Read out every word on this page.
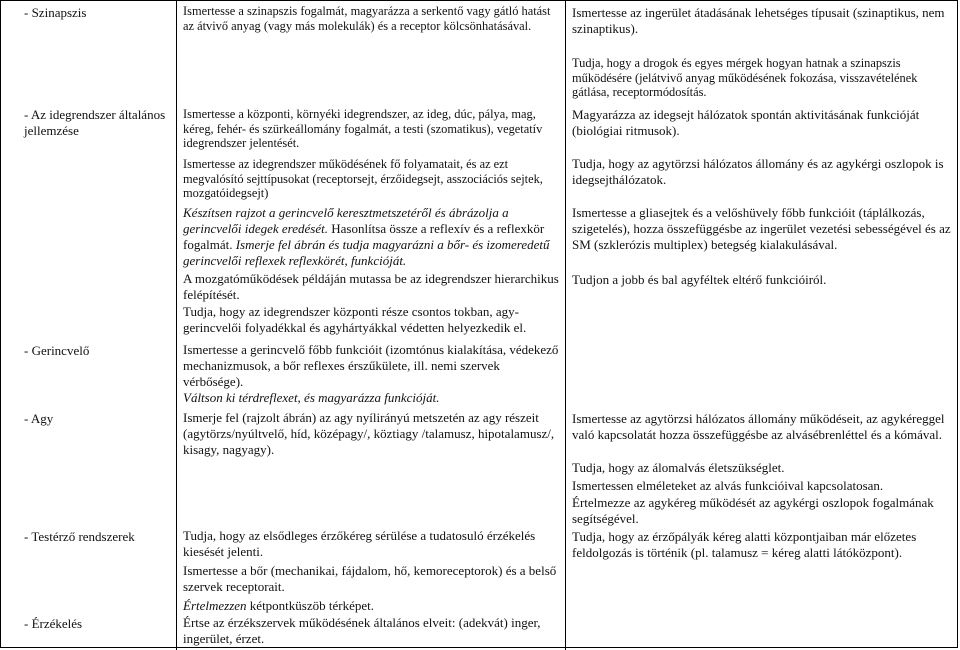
- Szinapszis

- Az idegrendszer általános jellemzése

- Gerincvelő

- Agy

- Testérző rendszerek

- Érzékelés

Ismertesse a szinapszis fogalmát, magyarázza a serkentő vagy gátló hatást az átvivő anyag (vagy más molekulák) és a receptor kölcsönhatásával.

Ismertesse a központi, környéki idegrendszer, az ideg, dúc, pálya, mag, kéreg, fehér- és szürkeállomány fogalmát, a testi (szomatikus), vegetatív idegrendszer jelentését.

Ismertesse az idegrendszer működésének fő folyamatait, és az ezt megvalósító sejttípusokat (receptorsejt, érzőidegsejt, asszociációs sejtek, mozgatóidegsejt)

Készítsen rajzot a gerincvelő keresztmetszetéről és ábrázolja a gerincvelői idegek eredését. Hasonlítsa össze a reflexív és a reflexkör fogalmát. Ismerje fel ábrán és tudja magyarázni a bőr- és izomeredetű gerincvelői reflexek reflexkörét, funkcióját.

A mozgatóműködések példáján mutassa be az idegrendszer hierarchikus felépítését.

Tudja, hogy az idegrendszer központi része csontos tokban, agy-gerincvelői folyadékkal és agyhártyákkal védetten helyezkedik el.

Ismertesse a gerincvelő főbb funkcióit (izomtónus kialakítása, védekező mechanizmusok, a bőr reflexes érszűkülete, ill. nemi szervek vérbősége).

Váltson ki térdreflexet, és magyarázza funkcióját.

Ismerje fel (rajzolt ábrán) az agy nyílirányú metszetén az agy részeit (agytörzs/nyúltvelő, híd, középagy/, köztiagy /talamusz, hipotalamusz/, kisagy, nagyagy).

Tudja, hogy az elsődleges érzőkéreg sérülése a tudatosuló érzékelés kiesését jelenti.

Ismertesse a bőr (mechanikai, fájdalom, hő, kemoreceptorok) és a belső szervek receptorait.

Értelmezzen kétpontküszöb térképet.

Értse az érzékszervek működésének általános elveit: (adekvát) inger, ingerület, érzet.

Ismertesse az ingerület átadásának lehetséges típusait (szinaptikus, nem szinaptikus).

Tudja, hogy a drogok és egyes mérgek hogyan hatnak a szinapszis működésére (jelátvivő anyag működésének fokozása, visszavételének gátlása, receptormódosítás.

Magyarázza az idegsejt hálózatok spontán aktivitásának funkcióját (biológiai ritmusok).

Tudja, hogy az agytörzsi hálózatos állomány és az agykérgi oszlopok is idegsejthálózatok.

Ismertesse a gliasejtek és a velőshüvely főbb funkcióit (táplálkozás, szigetelés), hozza összefüggésbe az ingerület vezetési sebességével és az SM (szklerózis multiplex) betegség kialakulásával.

Tudjon a jobb és bal agyféltek eltérő funkcióiról.

Ismertesse az agytörzsi hálózatos állomány működéseit, az agykéreggel való kapcsolatát hozza összefüggésbe az alvásébrenléttel és a kómával.

Tudja, hogy az álomalvás életszükséglet.

Ismertessen elméleteket az alvás funkcióival kapcsolatosan.

Értelmezze az agykéreg működését az agykérgi oszlopok fogalmának segítségével.

Tudja, hogy az érzőpályák kéreg alatti központjaiban már előzetes feldolgozás is történik (pl. talamusz = kéreg alatti látóközpont).
